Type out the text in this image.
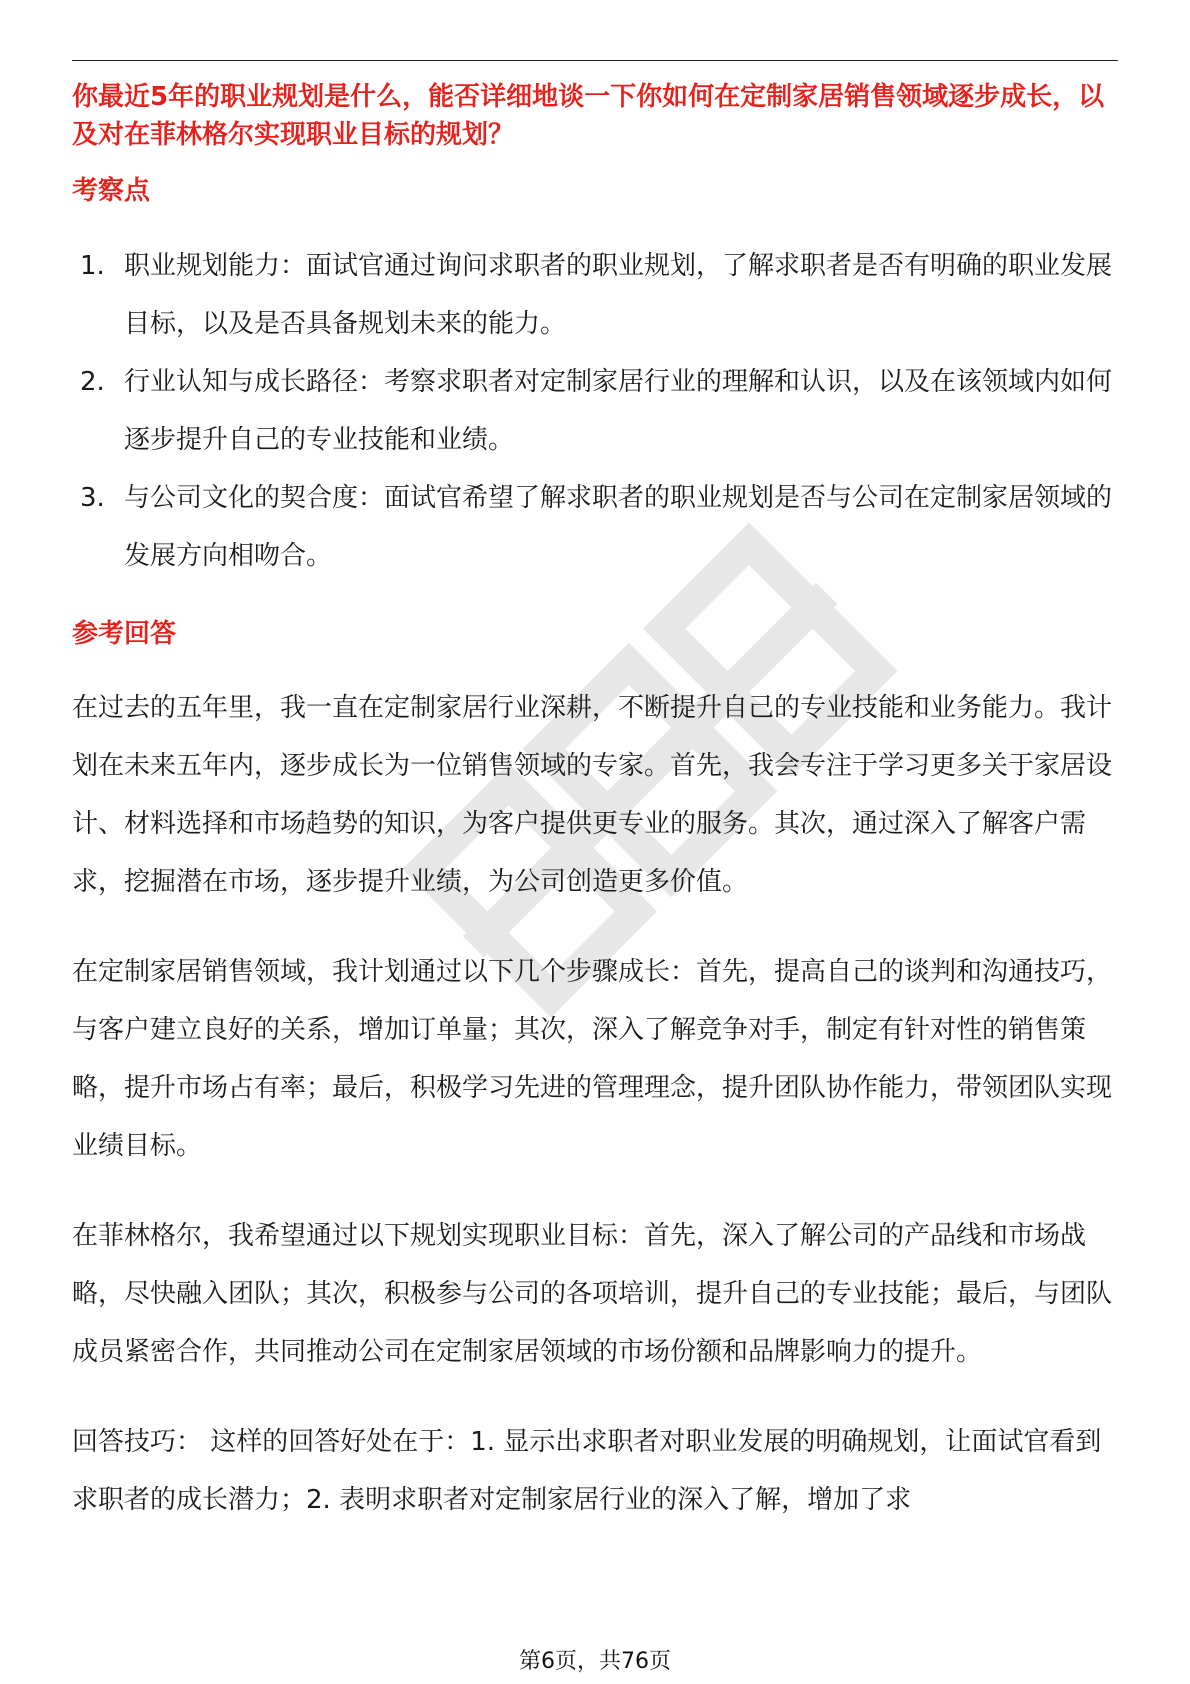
你最近5年的职业规划是什么，能否详细地谈一下你如何在定制家居销售领域逐步成长，以及对在菲林格尔实现职业目标的规划？

考察点
1. 职业规划能力：面试官通过询问求职者的职业规划，了解求职者是否有明确的职业发展目标，以及是否具备规划未来的能力。
2. 行业认知与成长路径：考察求职者对定制家居行业的理解和认识，以及在该领域内如何逐步提升自己的专业技能和业绩。
3. 与公司文化的契合度：面试官希望了解求职者的职业规划是否与公司在定制家居领域的发展方向相吻合。
参考回答

在过去的五年里，我一直在定制家居行业深耕，不断提升自己的专业技能和业务能力。我计划在未来五年内，逐步成长为一位销售领域的专家。首先，我会专注于学习更多关于家居设计、材料选择和市场趋势的知识，为客户提供更专业的服务。其次，通过深入了解客户需求，挖掘潜在市场，逐步提升业绩，为公司创造更多价值。

在定制家居销售领域，我计划通过以下几个步骤成长：首先，提高自己的谈判和沟通技巧，与客户建立良好的关系，增加订单量；其次，深入了解竞争对手，制定有针对性的销售策略，提升市场占有率；最后，积极学习先进的管理理念，提升团队协作能力，带领团队实现业绩目标。

在菲林格尔，我希望通过以下规划实现职业目标：首先，深入了解公司的产品线和市场战略，尽快融入团队；其次，积极参与公司的各项培训，提升自己的专业技能；最后，与团队成员紧密合作，共同推动公司在定制家居领域的市场份额和品牌影响力的提升。

回答技巧： 这样的回答好处在于：1. 显示出求职者对职业发展的明确规划，让面试官看到求职者的成长潜力；2. 表明求职者对定制家居行业的深入了解，增加了求

第6页，共76页
